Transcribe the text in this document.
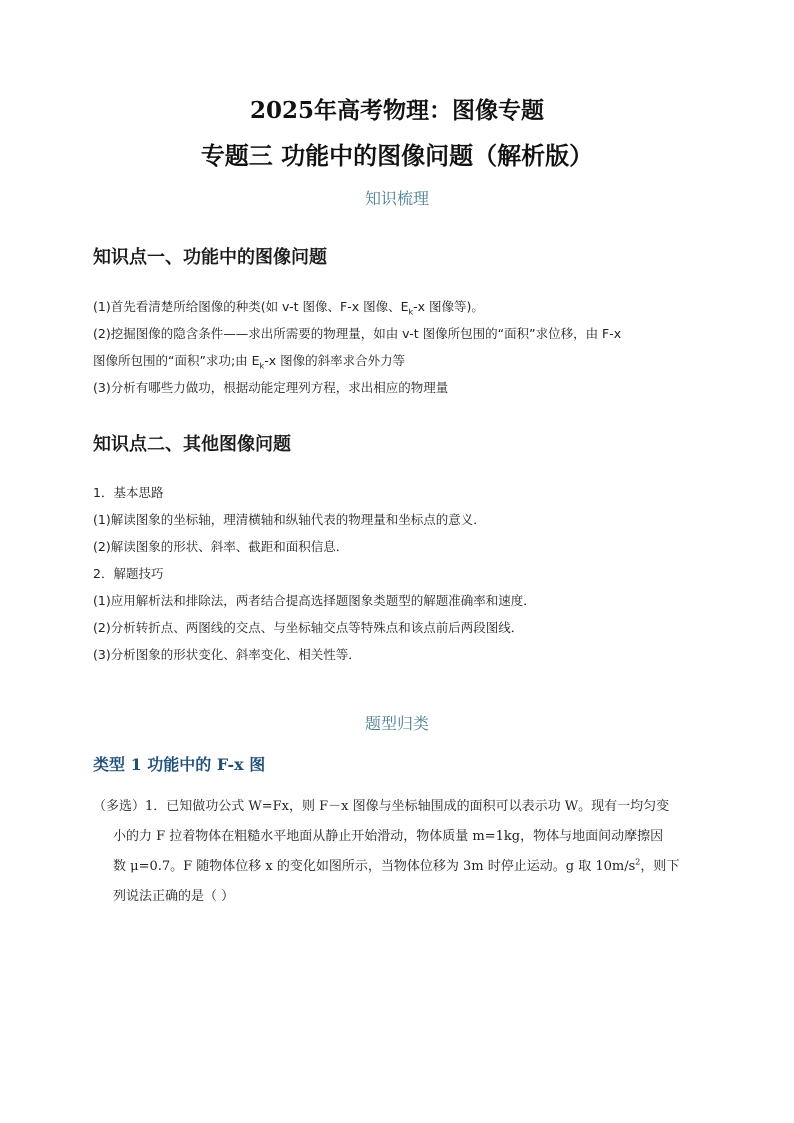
2025年高考物理：图像专题
专题三 功能中的图像问题（解析版）
知识梳理
知识点一、功能中的图像问题
(1)首先看清楚所给图像的种类(如 v-t 图像、F-x 图像、$E_k-x$ 图像等)。
(2)挖掘图像的隐含条件——求出所需要的物理量，如由 v-t 图像所包围的“面积”求位移，由 F-x
图像所包围的“面积”求功;由 $E_k-x$ 图像的斜率求合外力等
(3)分析有哪些力做功，根据动能定理列方程，求出相应的物理量
知识点二、其他图像问题
1．基本思路
(1)解读图象的坐标轴，理清横轴和纵轴代表的物理量和坐标点的意义．
(2)解读图象的形状、斜率、截距和面积信息．
2．解题技巧
(1)应用解析法和排除法，两者结合提高选择题图象类题型的解题准确率和速度．
(2)分析转折点、两图线的交点、与坐标轴交点等特殊点和该点前后两段图线．
(3)分析图象的形状变化、斜率变化、相关性等．
题型归类
类型 1 功能中的 F-x 图
（多选）1．已知做功公式 W=Fx，则 F－x 图像与坐标轴围成的面积可以表示功 W。现有一均匀变
小的力 F 拉着物体在粗糙水平地面从静止开始滑动，物体质量 m=1kg，物体与地面间动摩擦因
数 μ=0.7。F 随物体位移 x 的变化如图所示，当物体位移为 3m 时停止运动。g 取 $10m/s^2$，则下
列说法正确的是（ ）
